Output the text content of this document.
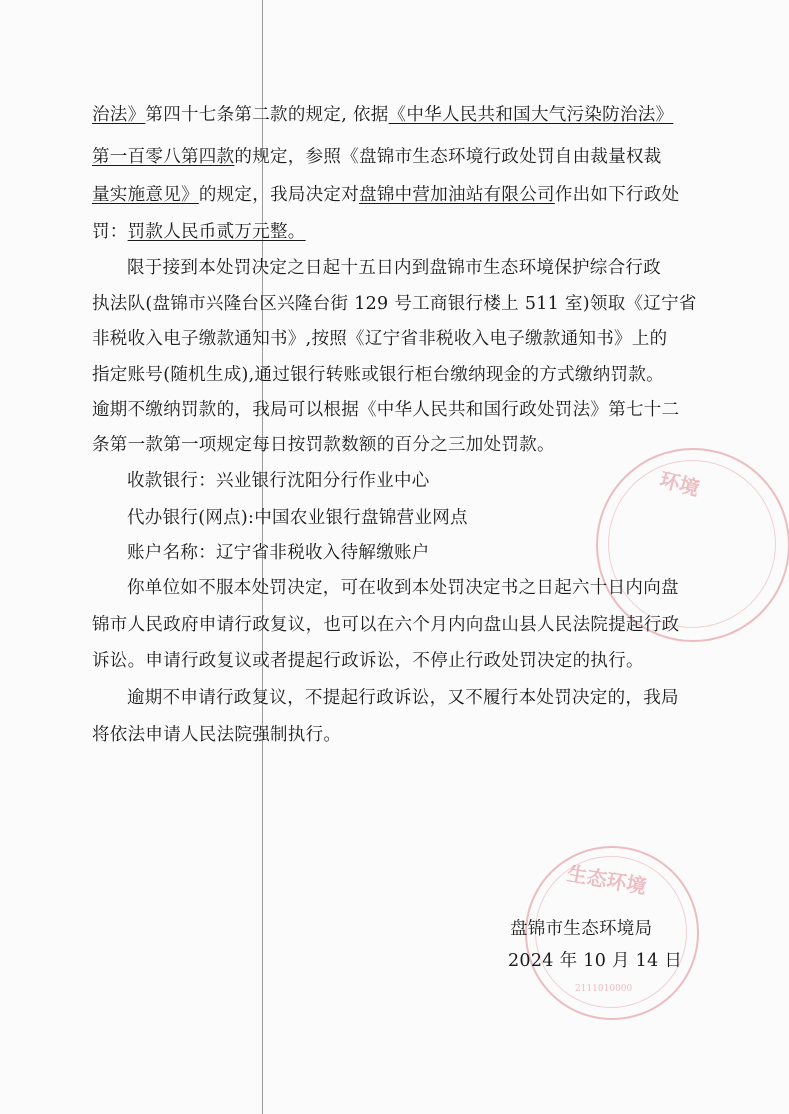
环境
生态环境
2111010000
治法》第四十七条第二款的规定, 依据《中华人民共和国大气污染防治法》
第一百零八第四款的规定，参照《盘锦市生态环境行政处罚自由裁量权裁
量实施意见》的规定，我局决定对盘锦中营加油站有限公司作出如下行政处
罚：罚款人民币贰万元整。
限于接到本处罚决定之日起十五日内到盘锦市生态环境保护综合行政
执法队(盘锦市兴隆台区兴隆台街 129 号工商银行楼上 511 室)领取《辽宁省
非税收入电子缴款通知书》,按照《辽宁省非税收入电子缴款通知书》上的
指定账号(随机生成),通过银行转账或银行柜台缴纳现金的方式缴纳罚款。
逾期不缴纳罚款的，我局可以根据《中华人民共和国行政处罚法》第七十二
条第一款第一项规定每日按罚款数额的百分之三加处罚款。
收款银行：兴业银行沈阳分行作业中心
代办银行(网点):中国农业银行盘锦营业网点
账户名称：辽宁省非税收入待解缴账户
你单位如不服本处罚决定，可在收到本处罚决定书之日起六十日内向盘
锦市人民政府申请行政复议，也可以在六个月内向盘山县人民法院提起行政
诉讼。申请行政复议或者提起行政诉讼，不停止行政处罚决定的执行。
逾期不申请行政复议，不提起行政诉讼，又不履行本处罚决定的，我局
将依法申请人民法院强制执行。
盘锦市生态环境局
2024 年 10 月 14 日
